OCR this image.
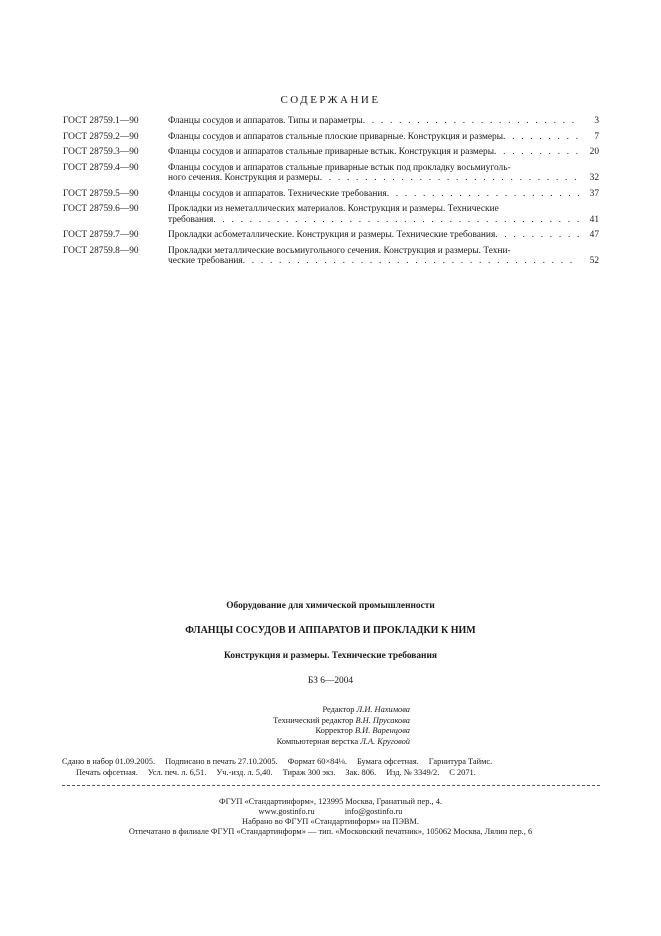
СОДЕРЖАНИЕ
ГОСТ 28759.1—90	Фланцы сосудов и аппаратов. Типы и параметры . . .	3
ГОСТ 28759.2—90	Фланцы сосудов и аппаратов стальные плоские приварные. Конструкция и размеры . . .	7
ГОСТ 28759.3—90	Фланцы сосудов и аппаратов стальные приварные встык. Конструкция и размеры . . .	20
ГОСТ 28759.4—90	Фланцы сосудов и аппаратов стальные приварные встык под прокладку восьмиуголь-
ного сечения. Конструкция и размеры . . .	32
ГОСТ 28759.5—90	Фланцы сосудов и аппаратов. Технические требования . . .	37
ГОСТ 28759.6—90	Прокладки из неметаллических материалов. Конструкция и размеры. Технические
требования . . .	41
ГОСТ 28759.7—90	Прокладки асбометаллические. Конструкция и размеры. Технические требования . . .	47
ГОСТ 28759.8—90	Прокладки металлические восьмиугольного сечения. Конструкция и размеры. Техни-
ческие требования . . .	52
Оборудование для химической промышленности
ФЛАНЦЫ СОСУДОВ И АППАРАТОВ И ПРОКЛАДКИ К НИМ
Конструкция и размеры. Технические требования
БЗ 6—2004
Редактор Л.И. Нахимова
Технический редактор В.Н. Прусакова
Корректор В.И. Варенцова
Компьютерная верстка Л.А. Круговой
Сдано в набор 01.09.2005. Подписано в печать 27.10.2005. Формат 60×84⅛. Бумага офсетная. Гарнитура Таймс.
Печать офсетная. Усл. печ. л. 6,51. Уч.-изд. л. 5,40. Тираж 300 экз. Зак. 806. Изд. № 3349/2. С 2071.
ФГУП «Стандартинформ», 123995 Москва, Гранатный пер., 4.
www.gostinfo.ru	info@gostinfo.ru
Набрано во ФГУП «Стандартинформ» на ПЭВМ.
Отпечатано в филиале ФГУП «Стандартинформ» — тип. «Московский печатник», 105062 Москва, Лялин пер., 6
